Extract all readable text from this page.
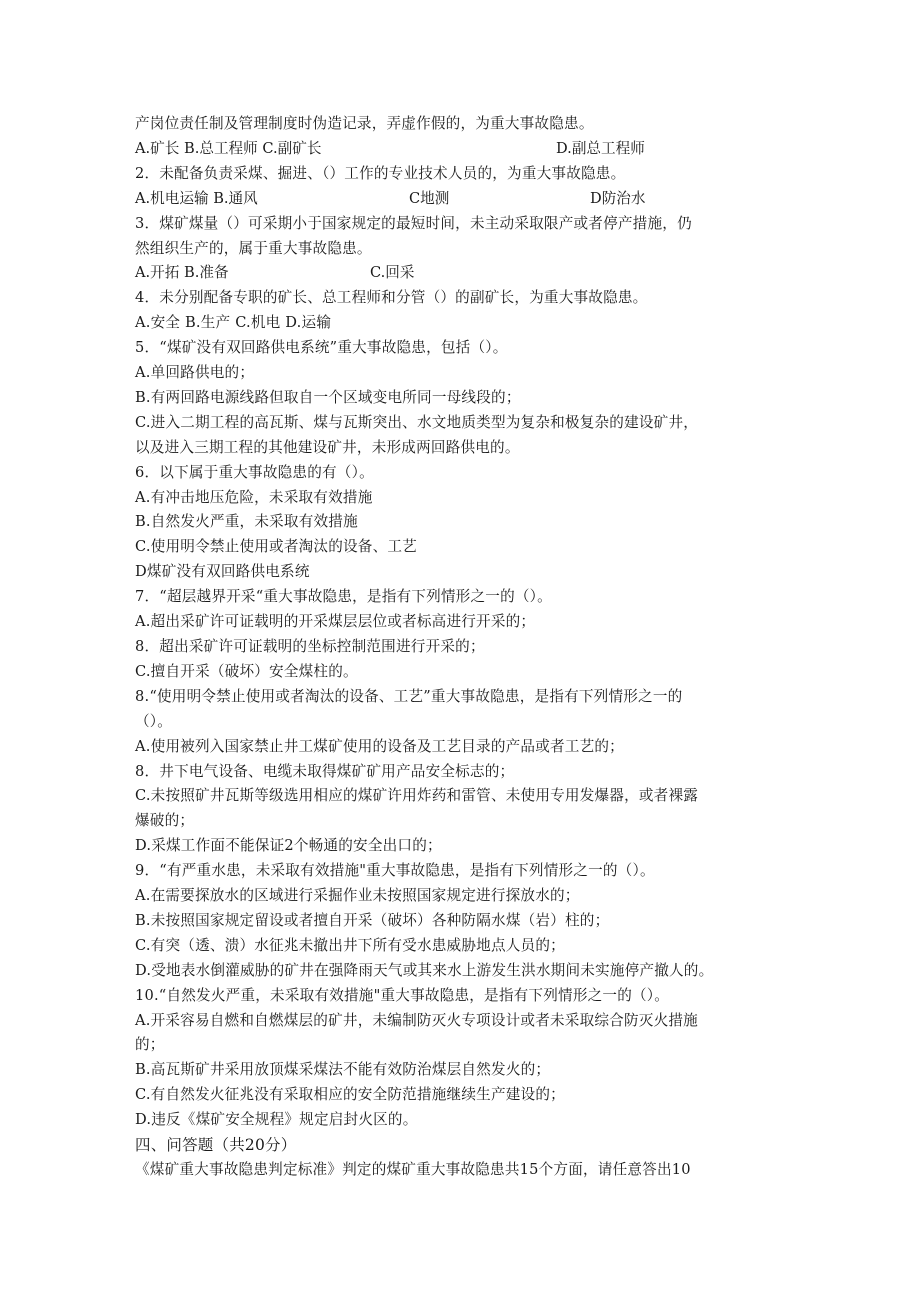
产岗位责任制及管理制度时伪造记录，弄虚作假的，为重大事故隐患。
A.矿长 B.总工程师 C.副矿长	D.副总工程师
2．未配备负责采煤、掘进、（）工作的专业技术人员的，为重大事故隐患。
A.机电运输 B.通风	C地测	D防治水
3．煤矿煤量（）可采期小于国家规定的最短时间，未主动采取限产或者停产措施，仍
然组织生产的，属于重大事故隐患。
A.开拓 B.准备	C.回采
4．未分别配备专职的矿长、总工程师和分管（）的副矿长，为重大事故隐患。
A.安全 B.生产 C.机电 D.运输
5．“煤矿没有双回路供电系统”重大事故隐患，包括（）。
A.单回路供电的；
B.有两回路电源线路但取自一个区域变电所同一母线段的；
C.进入二期工程的高瓦斯、煤与瓦斯突出、水文地质类型为复杂和极复杂的建设矿井，
以及进入三期工程的其他建设矿井，未形成两回路供电的。
6．以下属于重大事故隐患的有（）。
A.有冲击地压危险，未采取有效措施
B.自然发火严重，未采取有效措施
C.使用明令禁止使用或者淘汰的设备、工艺
D煤矿没有双回路供电系统
7．“超层越界开采“重大事故隐患，是指有下列情形之一的（）。
A.超出采矿许可证载明的开采煤层层位或者标高进行开采的；
8．超出采矿许可证载明的坐标控制范围进行开采的；
C.擅自开采（破坏）安全煤柱的。
8.“使用明令禁止使用或者淘汰的设备、工艺”重大事故隐患，是指有下列情形之一的
（）。
A.使用被列入国家禁止井工煤矿使用的设备及工艺目录的产品或者工艺的；
8．井下电气设备、电缆未取得煤矿矿用产品安全标志的；
C.未按照矿井瓦斯等级选用相应的煤矿许用炸药和雷管、未使用专用发爆器，或者裸露
爆破的；
D.采煤工作面不能保证2个畅通的安全出口的；
9．“有严重水患，未采取有效措施"重大事故隐患，是指有下列情形之一的（）。
A.在需要探放水的区域进行采掘作业未按照国家规定进行探放水的；
B.未按照国家规定留设或者擅自开采（破坏）各种防隔水煤（岩）柱的；
C.有突（透、溃）水征兆未撤出井下所有受水患威胁地点人员的；
D.受地表水倒灌威胁的矿井在强降雨天气或其来水上游发生洪水期间未实施停产撤人的。
10.“自然发火严重，未采取有效措施"重大事故隐患，是指有下列情形之一的（）。
A.开采容易自燃和自燃煤层的矿井，未编制防灭火专项设计或者未采取综合防灭火措施
的；
B.高瓦斯矿井采用放顶煤采煤法不能有效防治煤层自然发火的；
C.有自然发火征兆没有采取相应的安全防范措施继续生产建设的；
D.违反《煤矿安全规程》规定启封火区的。
四、问答题（共20分）
《煤矿重大事故隐患判定标准》判定的煤矿重大事故隐患共15个方面，请任意答出10
